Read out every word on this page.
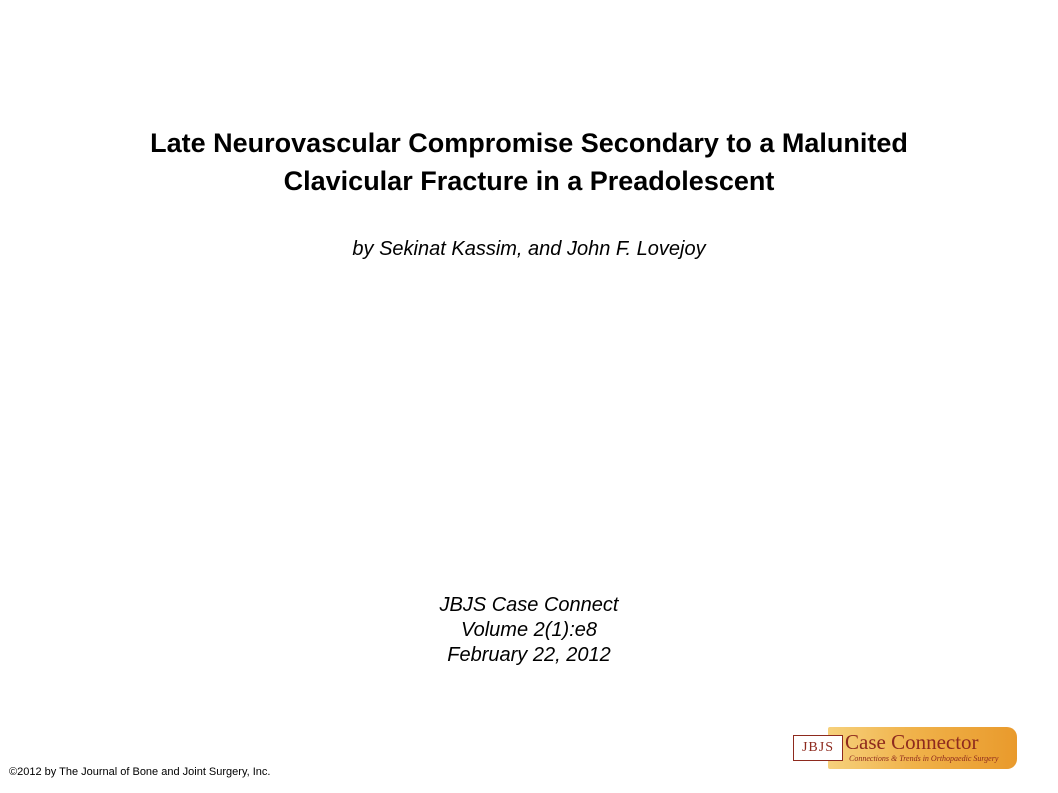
Late Neurovascular Compromise Secondary to a Malunited
Clavicular Fracture in a Preadolescent
by Sekinat Kassim, and John F. Lovejoy
JBJS Case Connect
Volume 2(1):e8
February 22, 2012
©2012 by The Journal of Bone and Joint Surgery, Inc.
JBJS Case Connector
Connections & Trends in Orthopaedic Surgery
